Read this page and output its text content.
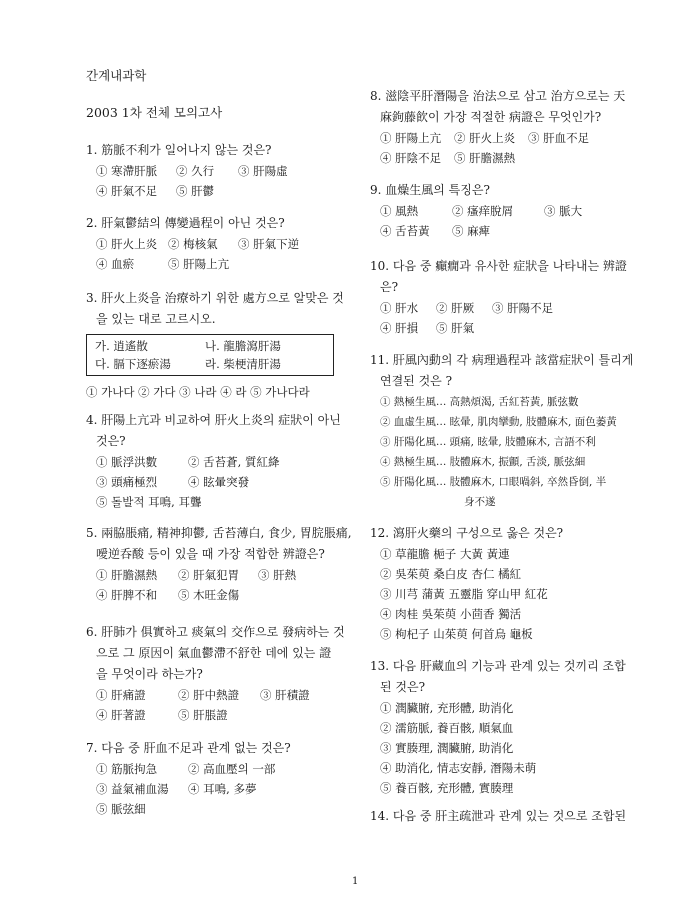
간계내과학
2003 1차 전체 모의고사
1. 筋脈不利가 일어나지 않는 것은?
① 寒滯肝脈 ② 久行 ③ 肝陽虛
④ 肝氣不足 ⑤ 肝鬱
2. 肝氣鬱結의 傳變過程이 아닌 것은?
① 肝火上炎 ② 梅核氣 ③ 肝氣下逆
④ 血瘀	⑤ 肝陽上亢
3. 肝火上炎을 治療하기 위한 處方으로 알맞은 것
을 있는 대로 고르시오.
가. 逍遙散	나. 龍膽瀉肝湯
다. 膈下逐瘀湯	라. 柴梗清肝湯
① 가나다 ② 가다 ③ 나라 ④ 라 ⑤ 가나다라
4. 肝陽上亢과 비교하여 肝火上炎의 症狀이 아닌
것은?
① 脈浮洪數	② 舌苔蒼, 質紅絳
③ 頭痛極烈	④ 眩暈突發
⑤ 돌발적 耳鳴, 耳聾
5. 兩脇脹痛, 精神抑鬱, 舌苔薄白, 食少, 胃脘脹痛,
噯逆呑酸 등이 있을 때 가장 적합한 辨證은?
① 肝膽濕熱 ② 肝氣犯胃 ③ 肝熱
④ 肝脾不和 ⑤ 木旺金傷
6. 肝肺가 俱實하고 痰氣의 交作으로 發病하는 것
으로 그 原因이 氣血鬱滯不舒한 데에 있는 證
을 무엇이라 하는가?
① 肝痛證	② 肝中熱證 ③ 肝積證
④ 肝著證	⑤ 肝脹證
7. 다음 중 肝血不足과 관계 없는 것은?
① 筋脈拘急	② 高血壓의 一部
③ 益氣補血湯 ④ 耳鳴, 多夢
⑤ 脈弦細
8. 滋陰平肝潛陽을 治法으로 삼고 治方으로는 天
麻鉤藤飮이 가장 적절한 病證은 무엇인가?
① 肝陽上亢 ② 肝火上炎 ③ 肝血不足
④ 肝陰不足 ⑤ 肝膽濕熱
9. 血燥生風의 특징은?
① 風熱	② 瘙痒脫屑	③ 脈大
④ 舌苔黃 ⑤ 麻痺
10. 다음 중 癲癇과 유사한 症狀을 나타내는 辨證
은?
① 肝水 ② 肝厥 ③ 肝陽不足
④ 肝損 ⑤ 肝氣
11. 肝風內動의 각 病理過程과 該當症狀이 틀리게
연결된 것은 ?
① 熱極生風… 高熱煩渴, 舌紅苔黃, 脈弦數
② 血虛生風… 眩暈, 肌肉攣動, 肢體麻木, 面色萎黃
③ 肝陽化風… 頭痛, 眩暈, 肢體麻木, 言語不利
④ 熱極生風… 肢體麻木, 振顫, 舌淡, 脈弦細
⑤ 肝陽化風… 肢體麻木, 口眼喎斜, 卒然昏倒, 半
身不遂
12. 瀉肝火藥의 구성으로 옳은 것은?
① 草龍膽 梔子 大黃 黃連
② 吳茱萸 桑白皮 杏仁 橘紅
③ 川芎 蒲黃 五靈脂 穿山甲 紅花
④ 肉桂 吳茱萸 小茴香 獨活
⑤ 枸杞子 山茱萸 何首烏 龜板
13. 다음 肝藏血의 기능과 관계 있는 것끼리 조합
된 것은?
① 潤臟腑, 充形體, 助消化
② 濡筋脈, 養百骸, 順氣血
③ 實腠理, 潤臟腑, 助消化
④ 助消化, 情志安靜, 潛陽未萌
⑤ 養百骸, 充形體, 實腠理
14. 다음 중 肝主疏泄과 관계 있는 것으로 조합된
1
